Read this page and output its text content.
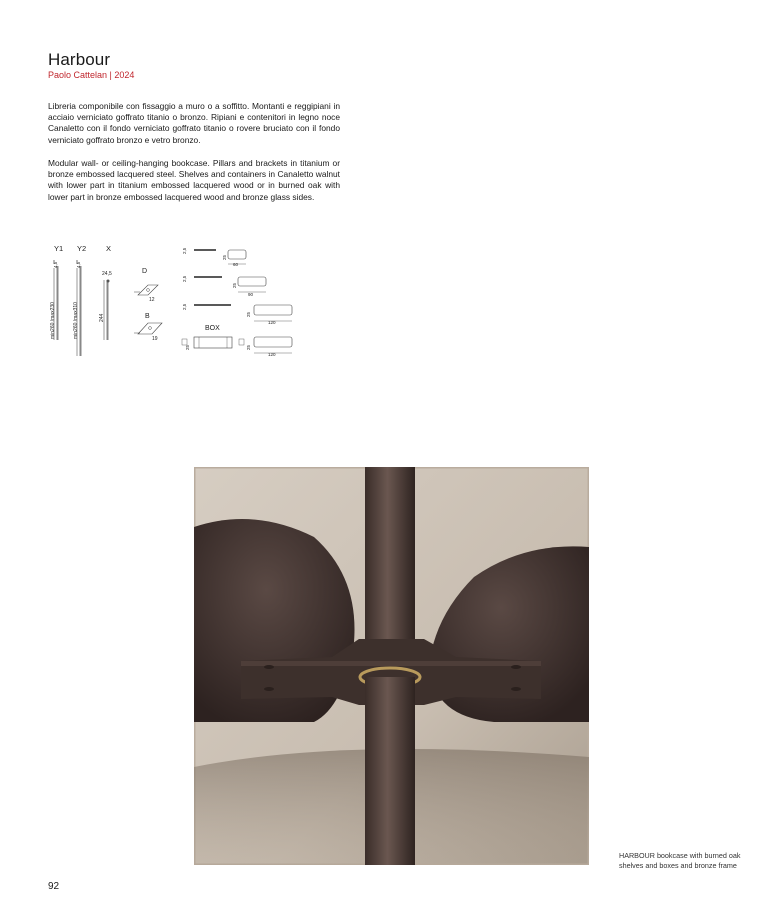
Harbour
Paolo Cattelan | 2024

Libreria componibile con fissaggio a muro o a soffitto. Montanti e reggipiani in acciaio verniciato goffrato titanio o bronzo. Ripiani e contenitori in legno noce Canaletto con il fondo verniciato goffrato titanio o rovere bruciato con il fondo verniciato goffrato bronzo e vetro bronzo.

Modular wall- or ceiling-hanging bookcase. Pillars and brackets in titanium or bronze embossed lacquered steel. Shelves and containers in Canaletto walnut with lower part in titanium embossed lacquered wood or in burned oak with lower part in bronze embossed lacquered wood and bronze glass sides.

Y1 Y2	X
4,5
min260 /max230
4,5
min260 /max310
24,5
244
D
12
B
19
2,5
25
60
2,5
25
90
2,5
25
120
BOX
25	25
120
HARBOUR bookcase with burned oak shelves and boxes and bronze frame
92
